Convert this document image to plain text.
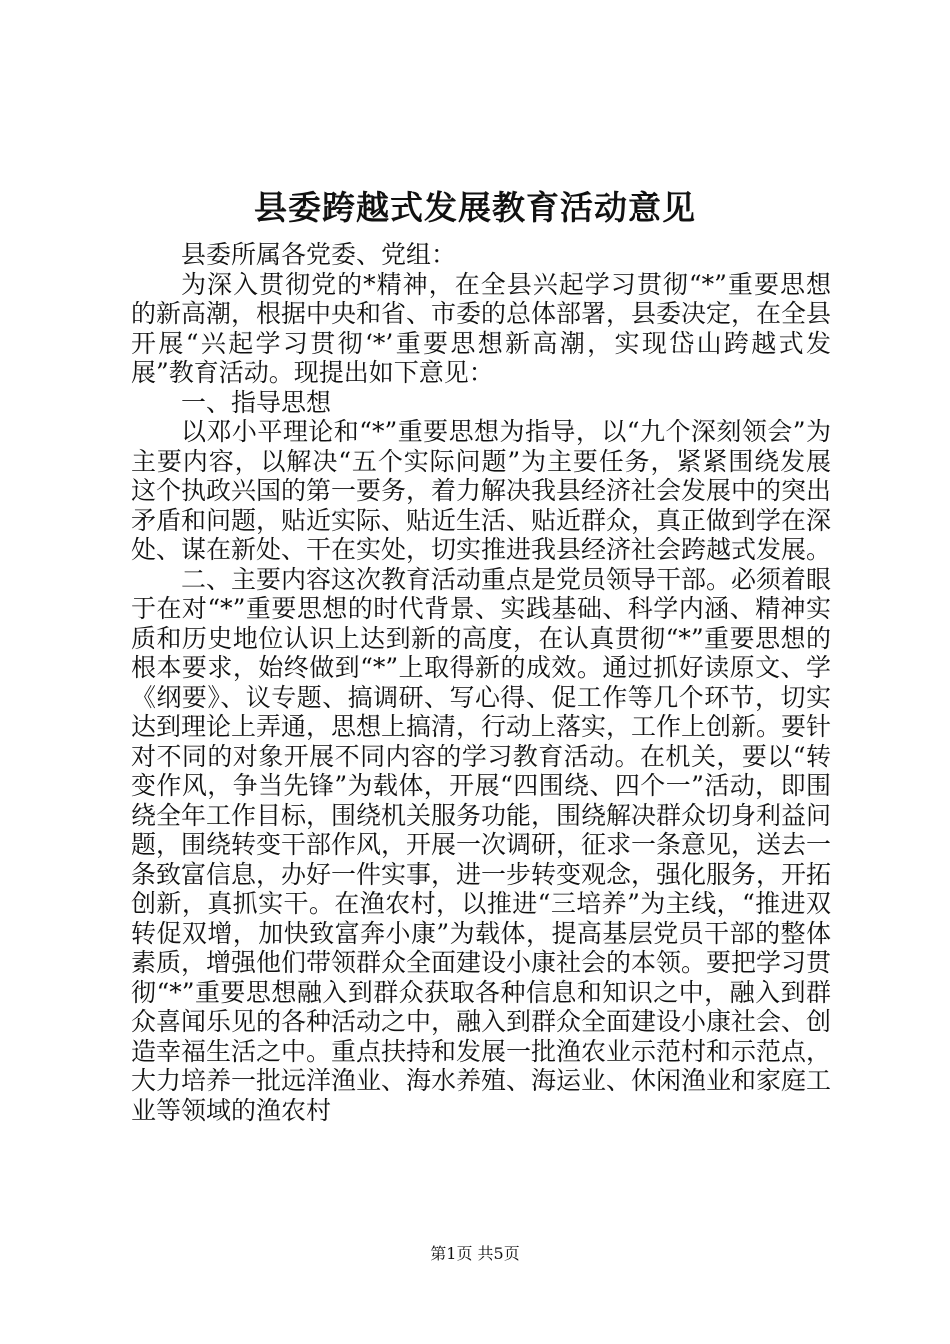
县委跨越式发展教育活动意见

县委所属各党委、党组：

为深入贯彻党的*精神，在全县兴起学习贯彻“*”重要思想的新高潮，根据中央和省、市委的总体部署，县委决定，在全县开展“兴起学习贯彻‘*’重要思想新高潮，实现岱山跨越式发展”教育活动。现提出如下意见：

一、指导思想

以邓小平理论和“*”重要思想为指导，以“九个深刻领会”为主要内容，以解决“五个实际问题”为主要任务，紧紧围绕发展这个执政兴国的第一要务，着力解决我县经济社会发展中的突出矛盾和问题，贴近实际、贴近生活、贴近群众，真正做到学在深处、谋在新处、干在实处，切实推进我县经济社会跨越式发展。

二、主要内容这次教育活动重点是党员领导干部。必须着眼于在对“*”重要思想的时代背景、实践基础、科学内涵、精神实质和历史地位认识上达到新的高度，在认真贯彻“*”重要思想的根本要求，始终做到“*”上取得新的成效。通过抓好读原文、学《纲要》、议专题、搞调研、写心得、促工作等几个环节，切实达到理论上弄通，思想上搞清，行动上落实，工作上创新。要针对不同的对象开展不同内容的学习教育活动。在机关，要以“转变作风，争当先锋”为载体，开展“四围绕、四个一”活动，即围绕全年工作目标，围绕机关服务功能，围绕解决群众切身利益问题，围绕转变干部作风，开展一次调研，征求一条意见，送去一条致富信息，办好一件实事，进一步转变观念，强化服务，开拓创新，真抓实干。在渔农村，以推进“三培养”为主线，“推进双转促双增，加快致富奔小康”为载体，提高基层党员干部的整体素质，增强他们带领群众全面建设小康社会的本领。要把学习贯彻“*”重要思想融入到群众获取各种信息和知识之中，融入到群众喜闻乐见的各种活动之中，融入到群众全面建设小康社会、创造幸福生活之中。重点扶持和发展一批渔农业示范村和示范点，大力培养一批远洋渔业、海水养殖、海运业、休闲渔业和家庭工业等领域的渔农村

第1页 共5页
